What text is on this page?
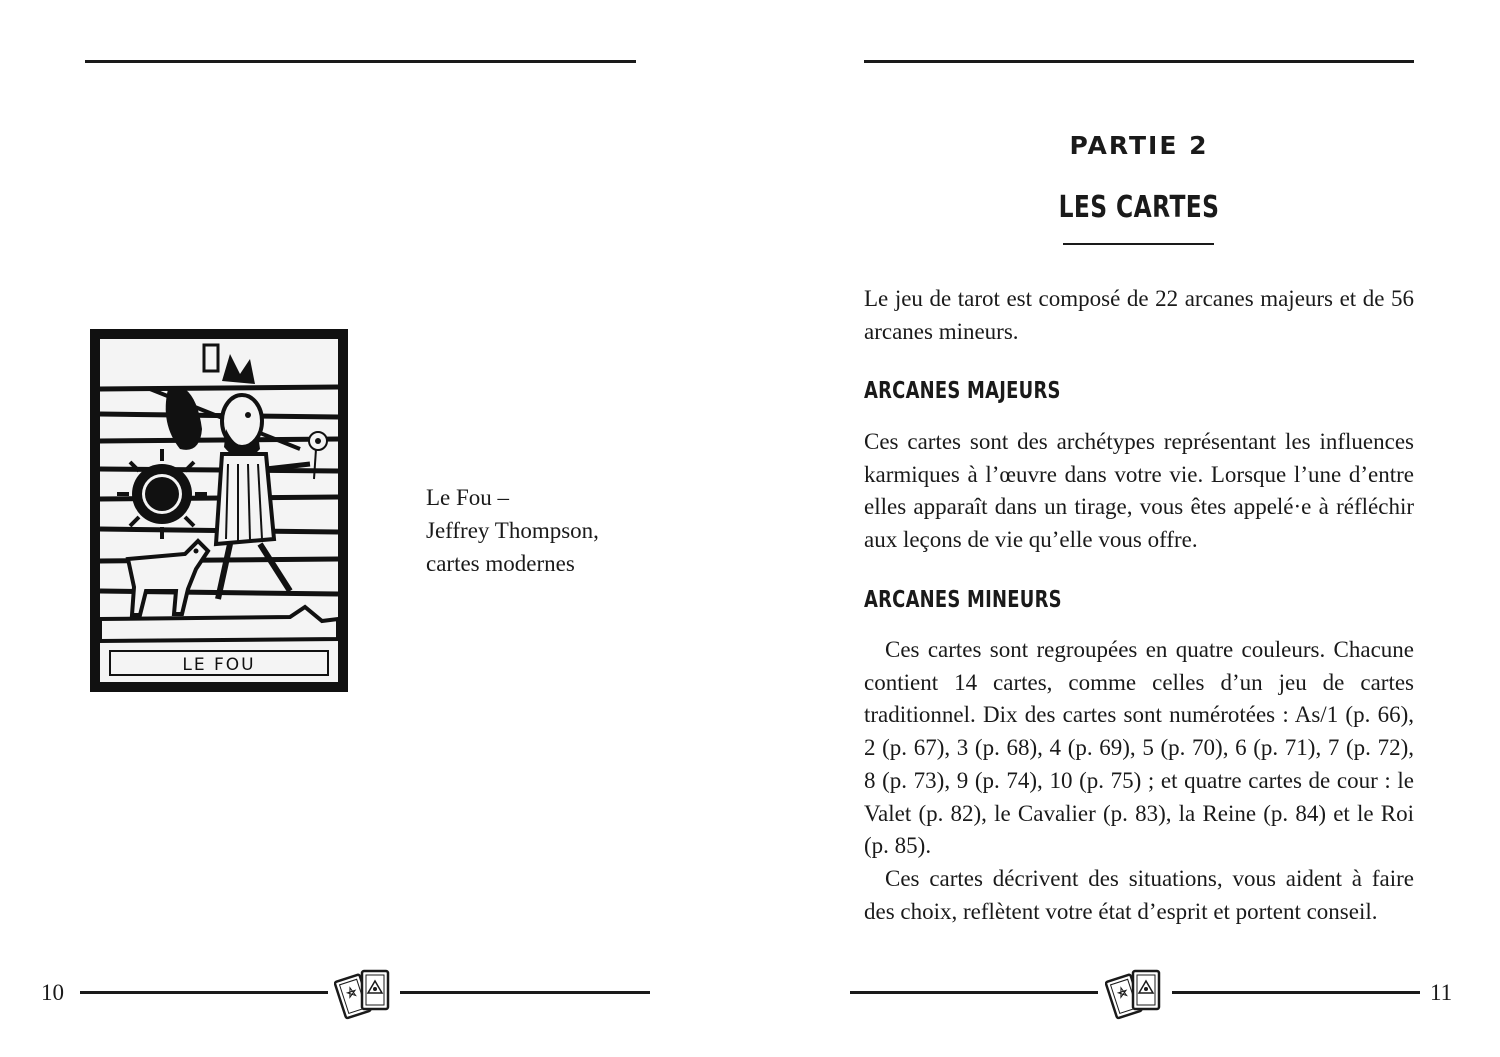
LE FOU
Le Fou –
Jeffrey Thompson,
cartes modernes
10
PARTIE 2
LES CARTES

Le jeu de tarot est composé de 22 arcanes majeurs et de 56 arcanes mineurs.

ARCANES MAJEURS

Ces cartes sont des archétypes représentant les influences karmiques à l’œuvre dans votre vie. Lorsque l’une d’entre elles apparaît dans un tirage, vous êtes appelé·e à réfléchir aux leçons de vie qu’elle vous offre.

ARCANES MINEURS

Ces cartes sont regroupées en quatre couleurs. Chacune contient 14 cartes, comme celles d’un jeu de cartes traditionnel. Dix des cartes sont numérotées : As/1 (p. 66), 2 (p. 67), 3 (p. 68), 4 (p. 69), 5 (p. 70), 6 (p. 71), 7 (p. 72), 8 (p. 73), 9 (p. 74), 10 (p. 75) ; et quatre cartes de cour : le Valet (p. 82), le Cavalier (p. 83), la Reine (p. 84) et le Roi (p. 85).

Ces cartes décrivent des situations, vous aident à faire des choix, reflètent votre état d’esprit et portent conseil.

11
